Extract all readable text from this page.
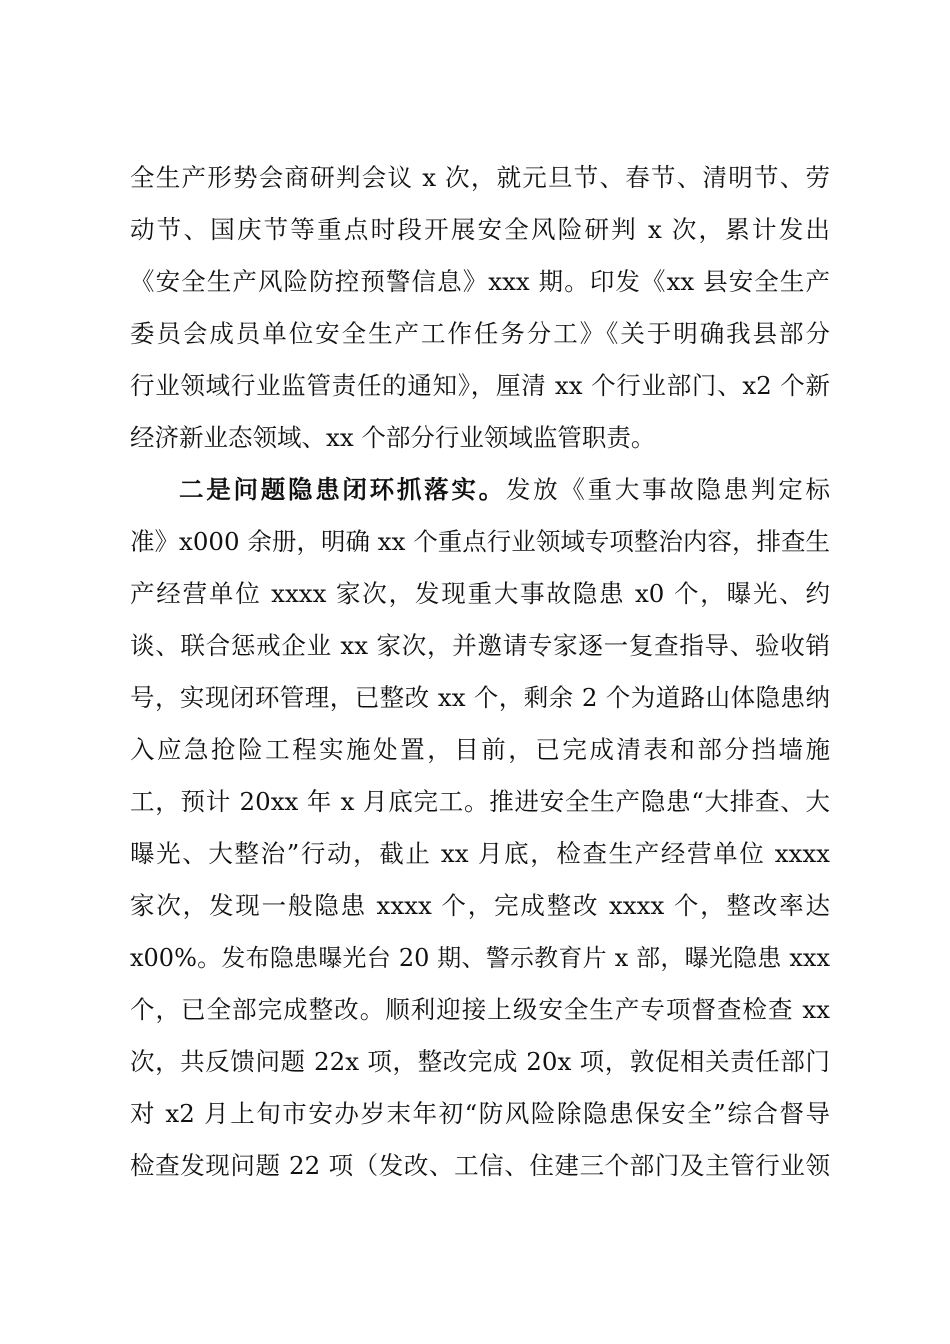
全生产形势会商研判会议 x 次，就元旦节、春节、清明节、劳
动节、国庆节等重点时段开展安全风险研判 x 次，累计发出
《安全生产风险防控预警信息》xxx 期。印发《xx 县安全生产
委员会成员单位安全生产工作任务分工》《关于明确我县部分
行业领域行业监管责任的通知》，厘清 xx 个行业部门、x2 个新
经济新业态领域、xx 个部分行业领域监管职责。
二是问题隐患闭环抓落实。发放《重大事故隐患判定标
准》x000 余册，明确 xx 个重点行业领域专项整治内容，排查生
产经营单位 xxxx 家次，发现重大事故隐患 x0 个，曝光、约
谈、联合惩戒企业 xx 家次，并邀请专家逐一复查指导、验收销
号，实现闭环管理，已整改 xx 个，剩余 2 个为道路山体隐患纳
入应急抢险工程实施处置，目前，已完成清表和部分挡墙施
工，预计 20xx 年 x 月底完工。推进安全生产隐患“大排查、大
曝光、大整治”行动，截止 xx 月底，检查生产经营单位 xxxx
家次，发现一般隐患 xxxx 个，完成整改 xxxx 个，整改率达
x00%。发布隐患曝光台 20 期、警示教育片 x 部，曝光隐患 xxx
个，已全部完成整改。顺利迎接上级安全生产专项督查检查 xx
次，共反馈问题 22x 项，整改完成 20x 项，敦促相关责任部门
对 x2 月上旬市安办岁末年初“防风险除隐患保安全”综合督导
检查发现问题 22 项（发改、工信、住建三个部门及主管行业领
